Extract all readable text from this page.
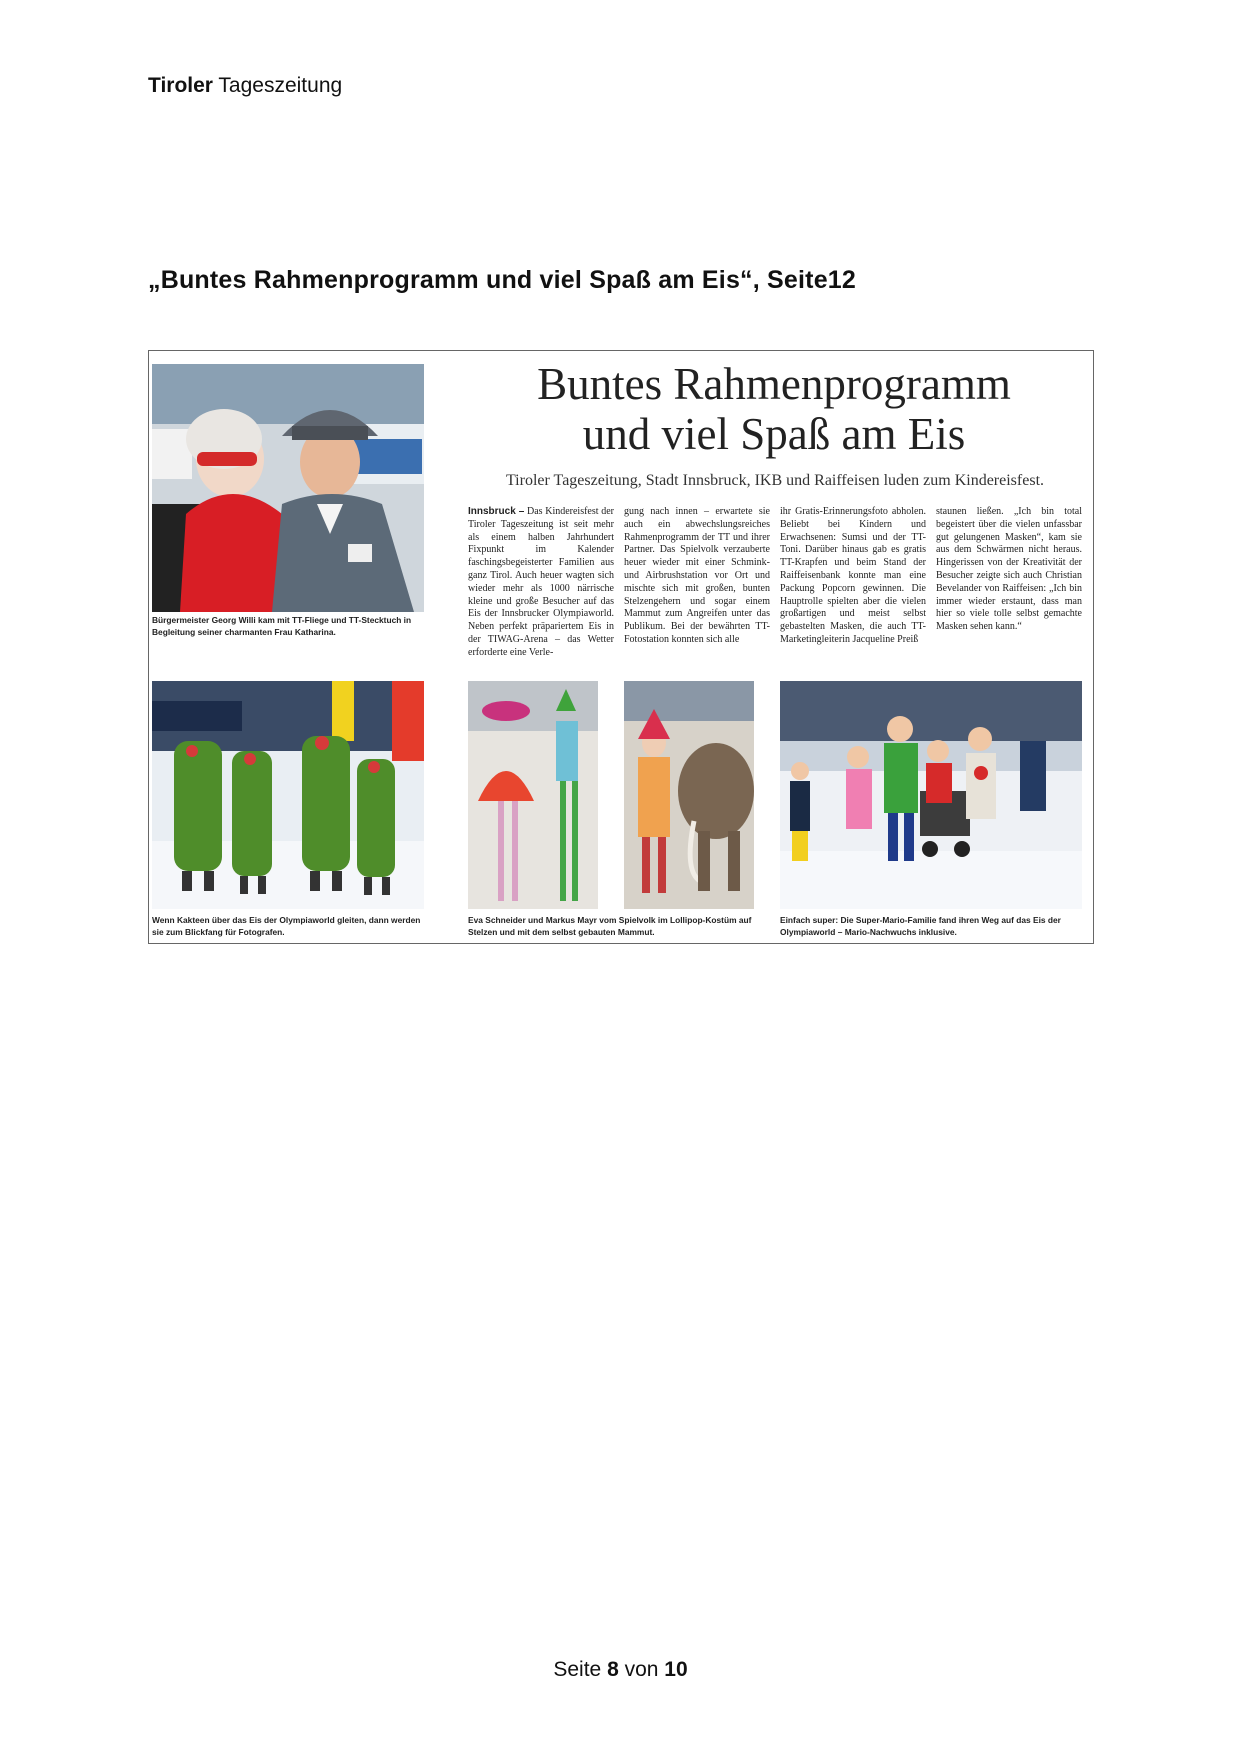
Tiroler Tageszeitung
„Buntes Rahmenprogramm und viel Spaß am Eis“, Seite12
Bürgermeister Georg Willi kam mit TT-Fliege und TT-Stecktuch in Begleitung seiner charmanten Frau Katharina.
Buntes Rahmenprogramm
und viel Spaß am Eis
Tiroler Tageszeitung, Stadt Innsbruck, IKB und Raiffeisen luden zum Kindereisfest.
Innsbruck – Das Kindereisfest der Tiroler Tageszeitung ist seit mehr als einem halben Jahrhundert Fixpunkt im Kalender faschingsbegeisterter Familien aus ganz Tirol. Auch heuer wagten sich wieder mehr als 1000 närrische kleine und große Besucher auf das Eis der Innsbrucker Olympiaworld. Neben perfekt präpariertem Eis in der TIWAG-Arena – das Wetter erforderte eine Verle-
gung nach innen – erwartete sie auch ein abwechslungsreiches Rahmenprogramm der TT und ihrer Partner. Das Spielvolk verzauberte heuer wieder mit einer Schmink- und Airbrushstation vor Ort und mischte sich mit großen, bunten Stelzengehern und sogar einem Mammut zum Angreifen unter das Publikum. Bei der bewährten TT-Fotostation konnten sich alle
ihr Gratis-Erinnerungsfoto abholen. Beliebt bei Kindern und Erwachsenen: Sumsi und der TT-Toni. Darüber hinaus gab es gratis TT-Krapfen und beim Stand der Raiffeisenbank konnte man eine Packung Popcorn gewinnen. Die Hauptrolle spielten aber die vielen großartigen und meist selbst gebastelten Masken, die auch TT-Marketingleiterin Jacqueline Preiß
staunen ließen. „Ich bin total begeistert über die vielen unfassbar gut gelungenen Masken“, kam sie aus dem Schwärmen nicht heraus. Hingerissen von der Kreativität der Besucher zeigte sich auch Christian Bevelander von Raiffeisen: „Ich bin immer wieder erstaunt, dass man hier so viele tolle selbst gemachte Masken sehen kann.“
Wenn Kakteen über das Eis der Olympiaworld gleiten, dann werden sie zum Blickfang für Fotografen.
Eva Schneider und Markus Mayr vom Spielvolk im Lollipop-Kostüm auf Stelzen und mit dem selbst gebauten Mammut.
Einfach super: Die Super-Mario-Familie fand ihren Weg auf das Eis der Olympiaworld – Mario-Nachwuchs inklusive.
Seite 8 von 10
